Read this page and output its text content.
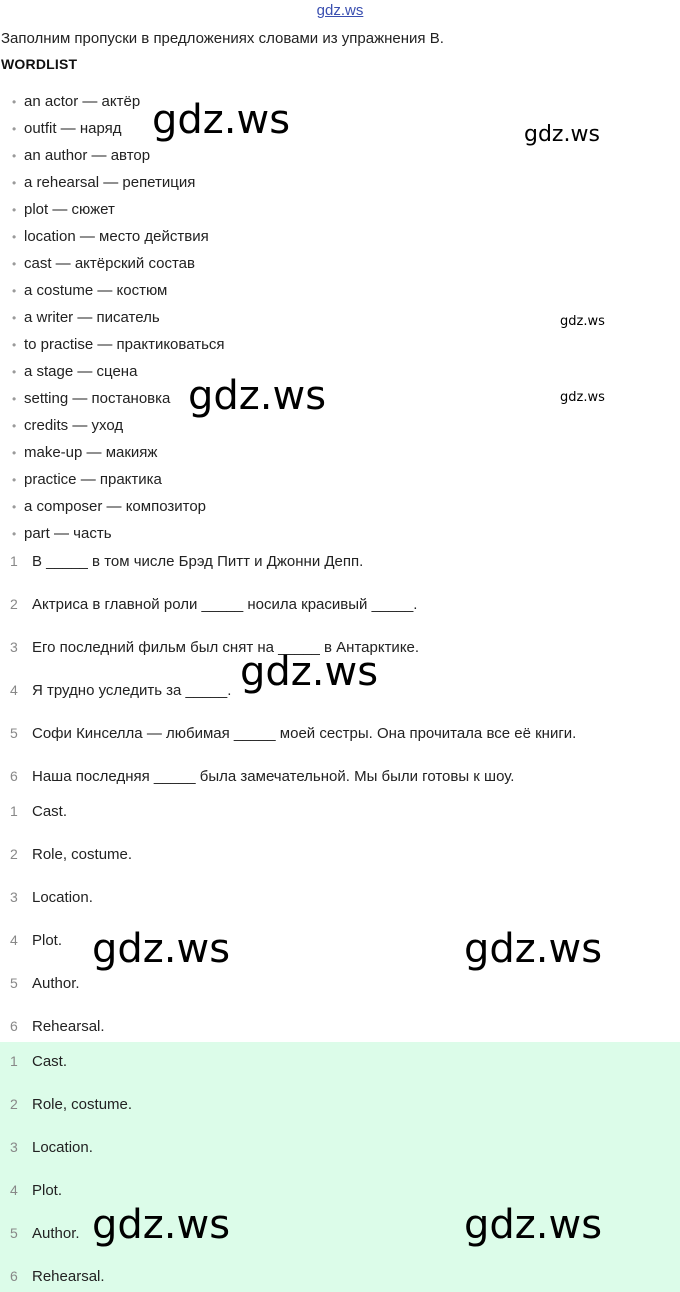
gdz.ws
Заполним пропуски в предложениях словами из упражнения B.
WORDLIST
• an actor — актёр
• outfit — наряд
• an author — автор
• a rehearsal — репетиция
• plot — сюжет
• location — место действия
• cast — актёрский состав
• a costume — костюм
• a writer — писатель
• to practise — практиковаться
• a stage — сцена
• setting — постановка
• credits — уход
• make-up — макияж
• practice — практика
• a composer — композитор
• part — часть
1 В _____ в том числе Брэд Питт и Джонни Депп.
2 Актриса в главной роли _____ носила красивый _____.
3 Его последний фильм был снят на _____ в Антарктике.
4 Я трудно уследить за _____.
5 Софи Кинселла — любимая _____ моей сестры. Она прочитала все её книги.
6 Наша последняя _____ была замечательной. Мы были готовы к шоу.
1 Cast.
2 Role, costume.
3 Location.
4 Plot.
5 Author.
6 Rehearsal.
1 Cast.
2 Role, costume.
3 Location.
4 Plot.
5 Author.
6 Rehearsal.
gdz.ws	gdz.ws
gdz.ws
gdz.ws	gdz.ws
gdz.ws
gdz.ws	gdz.ws
gdz.ws	gdz.ws
